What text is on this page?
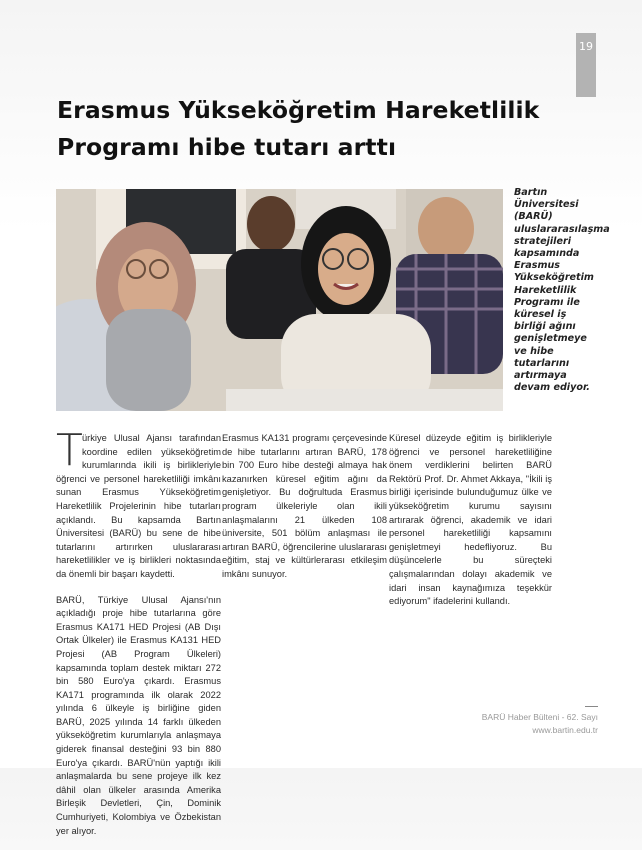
19
Erasmus Yükseköğretim Hareketlilik Programı hibe tutarı arttı

Bartın Üniversitesi (BARÜ) uluslararasılaşma stratejileri kapsamında Erasmus Yükseköğretim Hareketlilik Programı ile küresel iş birliği ağını genişletmeye ve hibe tutarlarını artırmaya devam ediyor.

Türkiye Ulusal Ajansı tarafından koordine edilen yükseköğretim kurumlarında ikili iş birlikleriyle öğrenci ve personel hareketliliği imkânı sunan Erasmus Yükseköğretim Hareketlilik Projelerinin hibe tutarları açıklandı. Bu kapsamda Bartın Üniversitesi (BARÜ) bu sene de hibe tutarlarını artırırken uluslararası hareketlilikler ve iş birlikleri noktasında da önemli bir başarı kaydetti.

BARÜ, Türkiye Ulusal Ajansı'nın açıkladığı proje hibe tutarlarına göre Erasmus KA171 HED Projesi (AB Dışı Ortak Ülkeler) ile Erasmus KA131 HED Projesi (AB Program Ülkeleri) kapsamında toplam destek miktarı 272 bin 580 Euro'ya çıkardı. Erasmus KA171 programında ilk olarak 2022 yılında 6 ülkeyle iş birliğine giden BARÜ, 2025 yılında 14 farklı ülkeden yükseköğretim kurumlarıyla anlaşmaya giderek finansal desteğini 93 bin 880 Euro'ya çıkardı. BARÜ'nün yaptığı ikili anlaşmalarda bu sene projeye ilk kez dâhil olan ülkeler arasında Amerika Birleşik Devletleri, Çin, Dominik Cumhuriyeti, Kolombiya ve Özbekistan yer alıyor.

Erasmus KA131 programı çerçevesinde de hibe tutarlarını artıran BARÜ, 178 bin 700 Euro hibe desteği almaya hak kazanırken küresel eğitim ağını da genişletiyor. Bu doğrultuda Erasmus program ülkeleriyle olan ikili anlaşmalarını 21 ülkeden 108 üniversite, 501 bölüm anlaşması ile artıran BARÜ, öğrencilerine uluslararası eğitim, staj ve kültürlerarası etkileşim imkânı sunuyor.

Küresel düzeyde eğitim iş birlikleriyle öğrenci ve personel hareketliliğine önem verdiklerini belirten BARÜ Rektörü Prof. Dr. Ahmet Akkaya, "İkili iş birliği içerisinde bulunduğumuz ülke ve yükseköğretim kurumu sayısını artırarak öğrenci, akademik ve idari personel hareketliliği kapsamını genişletmeyi hedefliyoruz. Bu düşüncelerle bu süreçteki çalışmalarından dolayı akademik ve idari insan kaynağımıza teşekkür ediyorum" ifadelerini kullandı.

BARÜ Haber Bülteni - 62. Sayı
www.bartin.edu.tr
